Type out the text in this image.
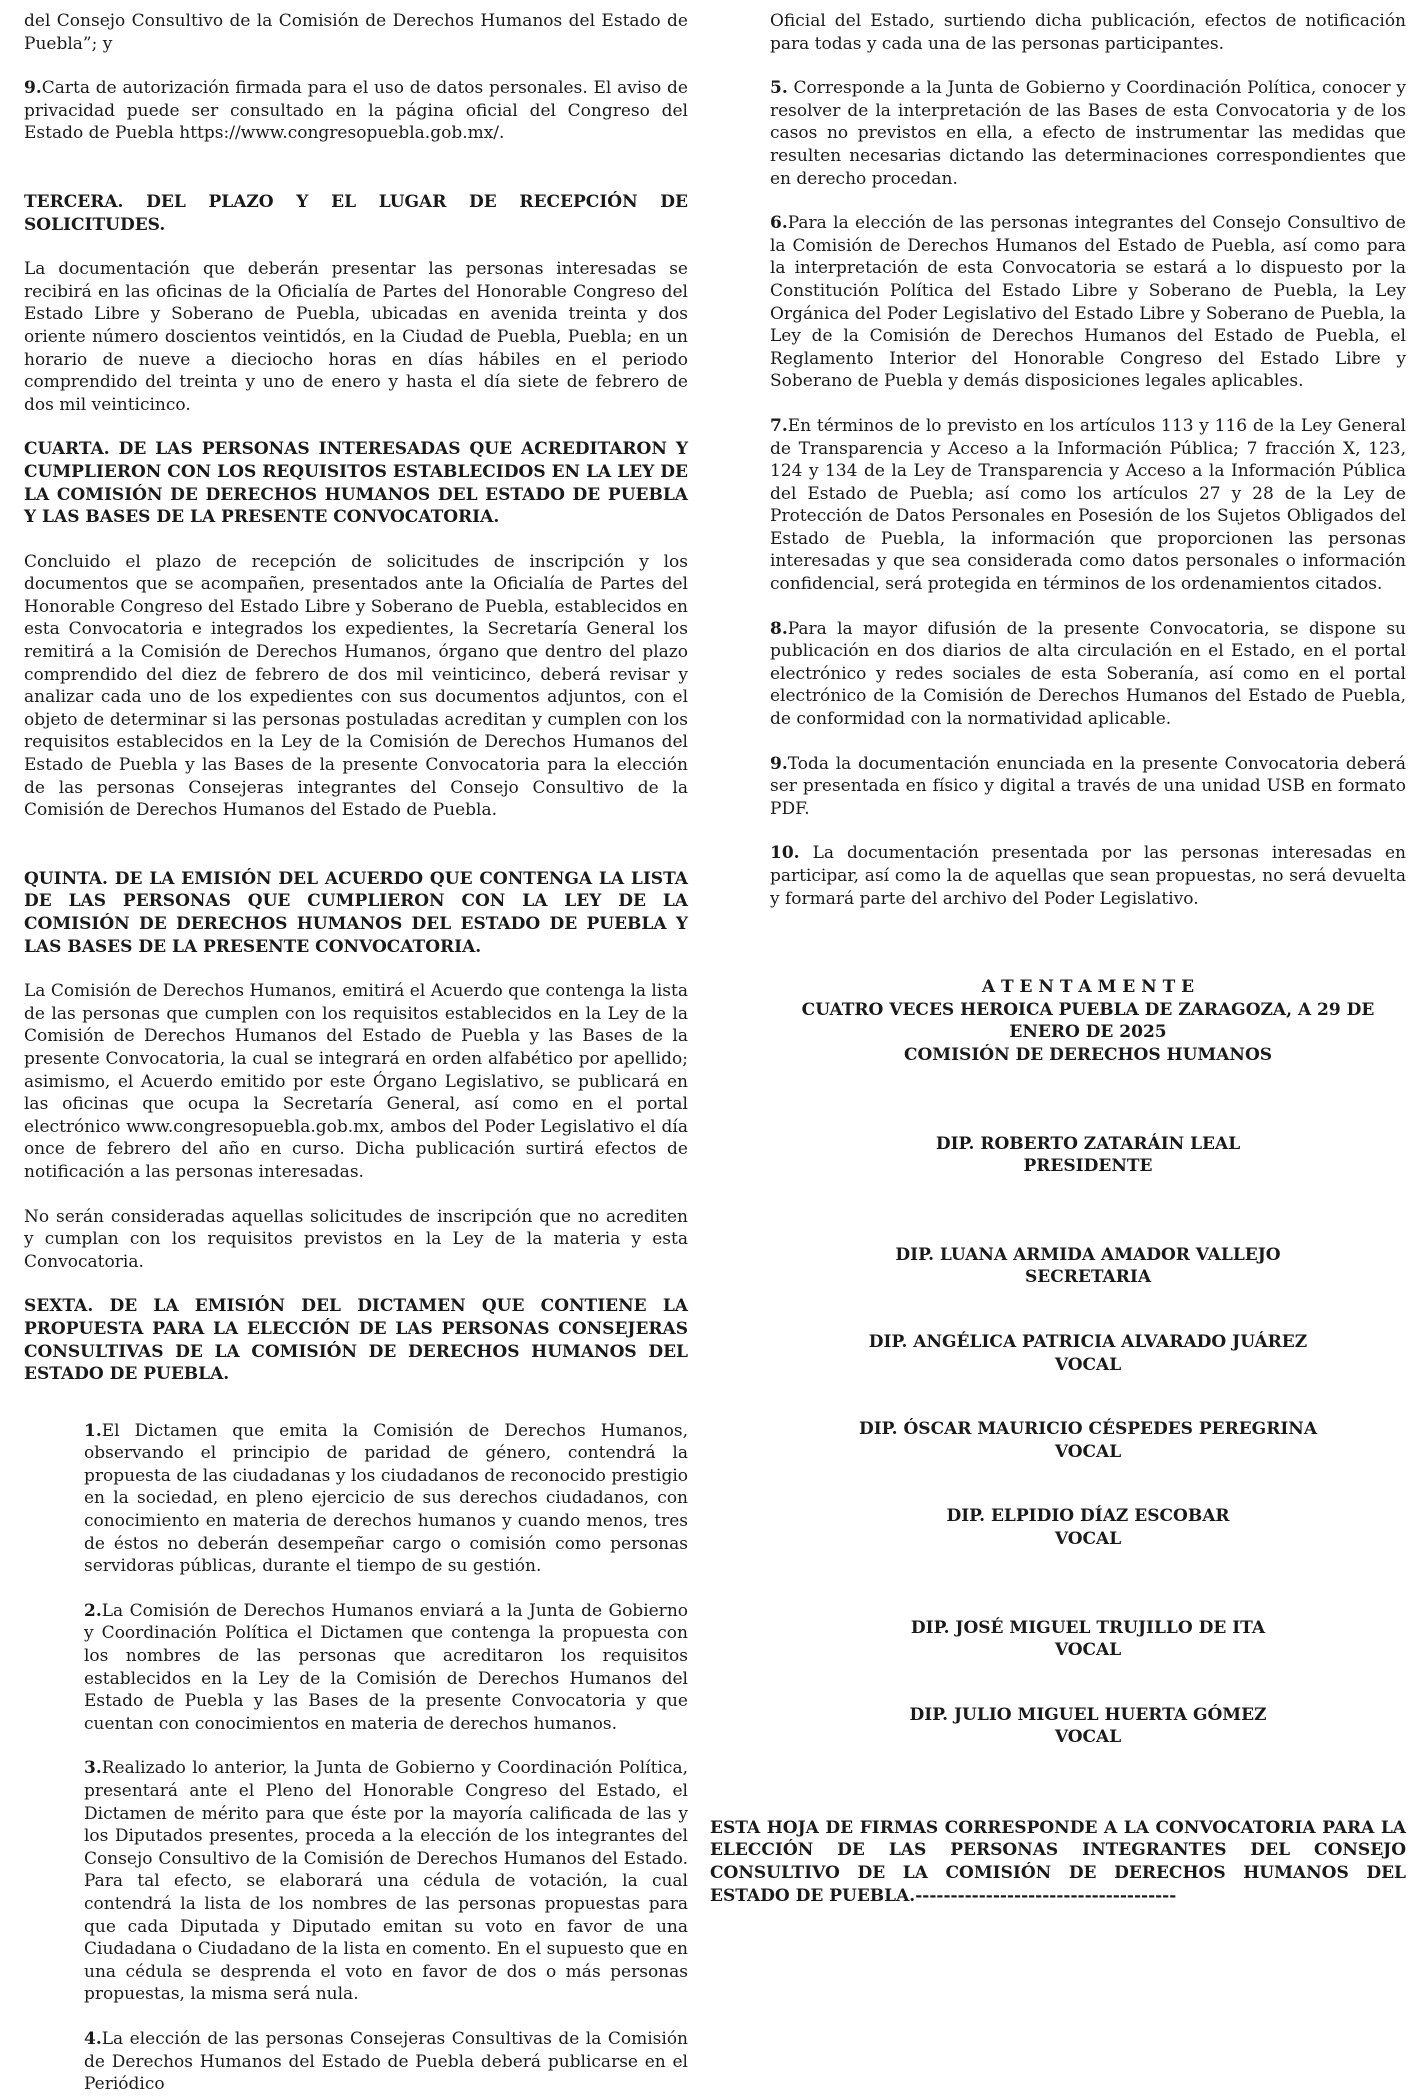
del Consejo Consultivo de la Comisión de Derechos Humanos del Estado de Puebla”; y

9.Carta de autorización firmada para el uso de datos personales. El aviso de privacidad puede ser consultado en la página oficial del Congreso del Estado de Puebla https://www.congresopuebla.gob.mx/.

TERCERA. DEL PLAZO Y EL LUGAR DE RECEPCIÓN DE SOLICITUDES.

La documentación que deberán presentar las personas interesadas se recibirá en las oficinas de la Oficialía de Partes del Honorable Congreso del Estado Libre y Soberano de Puebla, ubicadas en avenida treinta y dos oriente número doscientos veintidós, en la Ciudad de Puebla, Puebla; en un horario de nueve a dieciocho horas en días hábiles en el periodo comprendido del treinta y uno de enero y hasta el día siete de febrero de dos mil veinticinco.

CUARTA. DE LAS PERSONAS INTERESADAS QUE ACREDITARON Y CUMPLIERON CON LOS REQUISITOS ESTABLECIDOS EN LA LEY DE LA COMISIÓN DE DERECHOS HUMANOS DEL ESTADO DE PUEBLA Y LAS BASES DE LA PRESENTE CONVOCATORIA.

Concluido el plazo de recepción de solicitudes de inscripción y los documentos que se acompañen, presentados ante la Oficialía de Partes del Honorable Congreso del Estado Libre y Soberano de Puebla, establecidos en esta Convocatoria e integrados los expedientes, la Secretaría General los remitirá a la Comisión de Derechos Humanos, órgano que dentro del plazo comprendido del diez de febrero de dos mil veinticinco, deberá revisar y analizar cada uno de los expedientes con sus documentos adjuntos, con el objeto de determinar si las personas postuladas acreditan y cumplen con los requisitos establecidos en la Ley de la Comisión de Derechos Humanos del Estado de Puebla y las Bases de la presente Convocatoria para la elección de las personas Consejeras integrantes del Consejo Consultivo de la Comisión de Derechos Humanos del Estado de Puebla.

QUINTA. DE LA EMISIÓN DEL ACUERDO QUE CONTENGA LA LISTA DE LAS PERSONAS QUE CUMPLIERON CON LA LEY DE LA COMISIÓN DE DERECHOS HUMANOS DEL ESTADO DE PUEBLA Y LAS BASES DE LA PRESENTE CONVOCATORIA.

La Comisión de Derechos Humanos, emitirá el Acuerdo que contenga la lista de las personas que cumplen con los requisitos establecidos en la Ley de la Comisión de Derechos Humanos del Estado de Puebla y las Bases de la presente Convocatoria, la cual se integrará en orden alfabético por apellido; asimismo, el Acuerdo emitido por este Órgano Legislativo, se publicará en las oficinas que ocupa la Secretaría General, así como en el portal electrónico www.congresopuebla.gob.mx, ambos del Poder Legislativo el día once de febrero del año en curso. Dicha publicación surtirá efectos de notificación a las personas interesadas.

No serán consideradas aquellas solicitudes de inscripción que no acrediten y cumplan con los requisitos previstos en la Ley de la materia y esta Convocatoria.

SEXTA. DE LA EMISIÓN DEL DICTAMEN QUE CONTIENE LA PROPUESTA PARA LA ELECCIÓN DE LAS PERSONAS CONSEJERAS CONSULTIVAS DE LA COMISIÓN DE DERECHOS HUMANOS DEL ESTADO DE PUEBLA.

1.El Dictamen que emita la Comisión de Derechos Humanos, observando el principio de paridad de género, contendrá la propuesta de las ciudadanas y los ciudadanos de reconocido prestigio en la sociedad, en pleno ejercicio de sus derechos ciudadanos, con conocimiento en materia de derechos humanos y cuando menos, tres de éstos no deberán desempeñar cargo o comisión como personas servidoras públicas, durante el tiempo de su gestión.

2.La Comisión de Derechos Humanos enviará a la Junta de Gobierno y Coordinación Política el Dictamen que contenga la propuesta con los nombres de las personas que acreditaron los requisitos establecidos en la Ley de la Comisión de Derechos Humanos del Estado de Puebla y las Bases de la presente Convocatoria y que cuentan con conocimientos en materia de derechos humanos.

3.Realizado lo anterior, la Junta de Gobierno y Coordinación Política, presentará ante el Pleno del Honorable Congreso del Estado, el Dictamen de mérito para que éste por la mayoría calificada de las y los Diputados presentes, proceda a la elección de los integrantes del Consejo Consultivo de la Comisión de Derechos Humanos del Estado. Para tal efecto, se elaborará una cédula de votación, la cual contendrá la lista de los nombres de las personas propuestas para que cada Diputada y Diputado emitan su voto en favor de una Ciudadana o Ciudadano de la lista en comento. En el supuesto que en una cédula se desprenda el voto en favor de dos o más personas propuestas, la misma será nula.

4.La elección de las personas Consejeras Consultivas de la Comisión de Derechos Humanos del Estado de Puebla deberá publicarse en el Periódico

Oficial del Estado, surtiendo dicha publicación, efectos de notificación para todas y cada una de las personas participantes.

5. Corresponde a la Junta de Gobierno y Coordinación Política, conocer y resolver de la interpretación de las Bases de esta Convocatoria y de los casos no previstos en ella, a efecto de instrumentar las medidas que resulten necesarias dictando las determinaciones correspondientes que en derecho procedan.

6.Para la elección de las personas integrantes del Consejo Consultivo de la Comisión de Derechos Humanos del Estado de Puebla, así como para la interpretación de esta Convocatoria se estará a lo dispuesto por la Constitución Política del Estado Libre y Soberano de Puebla, la Ley Orgánica del Poder Legislativo del Estado Libre y Soberano de Puebla, la Ley de la Comisión de Derechos Humanos del Estado de Puebla, el Reglamento Interior del Honorable Congreso del Estado Libre y Soberano de Puebla y demás disposiciones legales aplicables.

7.En términos de lo previsto en los artículos 113 y 116 de la Ley General de Transparencia y Acceso a la Información Pública; 7 fracción X, 123, 124 y 134 de la Ley de Transparencia y Acceso a la Información Pública del Estado de Puebla; así como los artículos 27 y 28 de la Ley de Protección de Datos Personales en Posesión de los Sujetos Obligados del Estado de Puebla, la información que proporcionen las personas interesadas y que sea considerada como datos personales o información confidencial, será protegida en términos de los ordenamientos citados.

8.Para la mayor difusión de la presente Convocatoria, se dispone su publicación en dos diarios de alta circulación en el Estado, en el portal electrónico y redes sociales de esta Soberanía, así como en el portal electrónico de la Comisión de Derechos Humanos del Estado de Puebla, de conformidad con la normatividad aplicable.

9.Toda la documentación enunciada en la presente Convocatoria deberá ser presentada en físico y digital a través de una unidad USB en formato PDF.

10. La documentación presentada por las personas interesadas en participar, así como la de aquellas que sean propuestas, no será devuelta y formará parte del archivo del Poder Legislativo.

A T E N T A M E N T E

CUATRO VECES HEROICA PUEBLA DE ZARAGOZA, A 29 DE ENERO DE 2025

COMISIÓN DE DERECHOS HUMANOS

DIP. ROBERTO ZATARÁIN LEAL

PRESIDENTE

DIP. LUANA ARMIDA AMADOR VALLEJO

SECRETARIA

DIP. ANGÉLICA PATRICIA ALVARADO JUÁREZ

VOCAL

DIP. ÓSCAR MAURICIO CÉSPEDES PEREGRINA

VOCAL

DIP. ELPIDIO DÍAZ ESCOBAR

VOCAL

DIP. JOSÉ MIGUEL TRUJILLO DE ITA

VOCAL

DIP. JULIO MIGUEL HUERTA GÓMEZ

VOCAL

ESTA HOJA DE FIRMAS CORRESPONDE A LA CONVOCATORIA PARA LA ELECCIÓN DE LAS PERSONAS INTEGRANTES DEL CONSEJO CONSULTIVO DE LA COMISIÓN DE DERECHOS HUMANOS DEL ESTADO DE PUEBLA.-------------------------------------
